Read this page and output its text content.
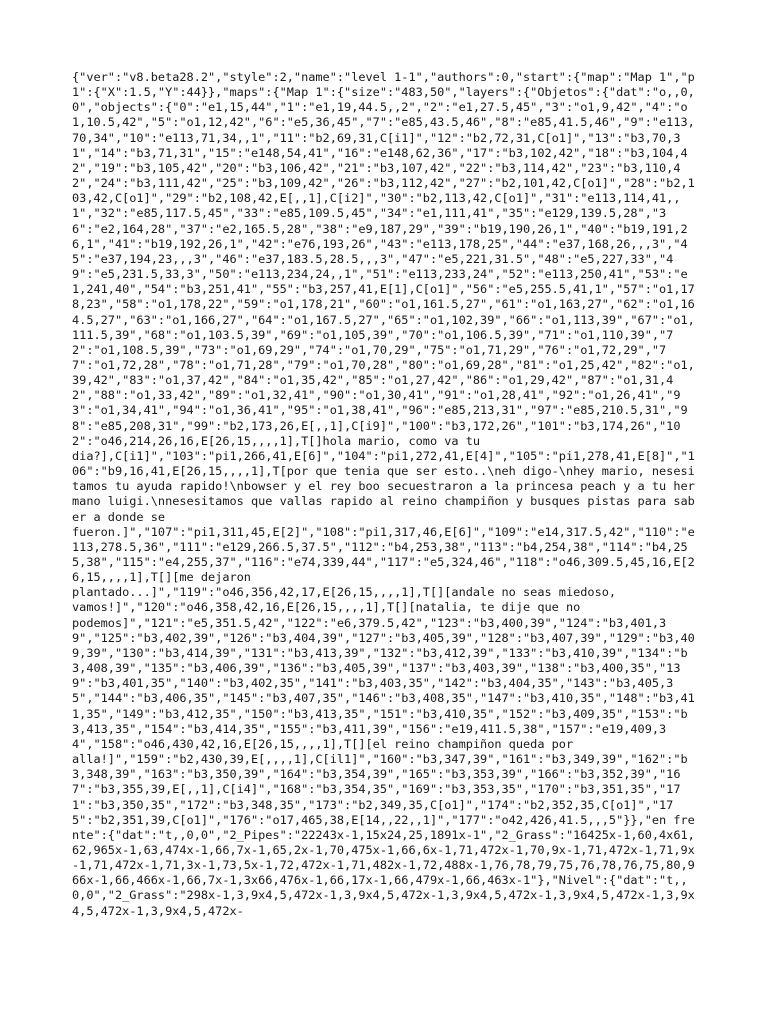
{"ver":"v8.beta28.2","style":2,"name":"level 1-1","authors":0,"start":{"map":"Map 1","p1":{"X":1.5,"Y":44}},"maps":{"Map 1":{"size":"483,50","layers":{"Objetos":{"dat":"o,,0,0","objects":{"0":"e1,15,44","1":"e1,19,44.5,,2","2":"e1,27.5,45","3":"o1,9,42","4":"o1,10.5,42","5":"o1,12,42","6":"e5,36,45","7":"e85,43.5,46","8":"e85,41.5,46","9":"e113,70,34","10":"e113,71,34,,1","11":"b2,69,31,C[i1]","12":"b2,72,31,C[o1]","13":"b3,70,31","14":"b3,71,31","15":"e148,54,41","16":"e148,62,36","17":"b3,102,42","18":"b3,104,42","19":"b3,105,42","20":"b3,106,42","21":"b3,107,42","22":"b3,114,42","23":"b3,110,42","24":"b3,111,42","25":"b3,109,42","26":"b3,112,42","27":"b2,101,42,C[o1]","28":"b2,103,42,C[o1]","29":"b2,108,42,E[,,1],C[i2]","30":"b2,113,42,C[o1]","31":"e113,114,41,,1","32":"e85,117.5,45","33":"e85,109.5,45","34":"e1,111,41","35":"e129,139.5,28","36":"e2,164,28","37":"e2,165.5,28","38":"e9,187,29","39":"b19,190,26,1","40":"b19,191,26,1","41":"b19,192,26,1","42":"e76,193,26","43":"e113,178,25","44":"e37,168,26,,,3","45":"e37,194,23,,,3","46":"e37,183.5,28.5,,,3","47":"e5,221,31.5","48":"e5,227,33","49":"e5,231.5,33,3","50":"e113,234,24,,1","51":"e113,233,24","52":"e113,250,41","53":"e1,241,40","54":"b3,251,41","55":"b3,257,41,E[1],C[o1]","56":"e5,255.5,41,1","57":"o1,178,23","58":"o1,178,22","59":"o1,178,21","60":"o1,161.5,27","61":"o1,163,27","62":"o1,164.5,27","63":"o1,166,27","64":"o1,167.5,27","65":"o1,102,39","66":"o1,113,39","67":"o1,111.5,39","68":"o1,103.5,39","69":"o1,105,39","70":"o1,106.5,39","71":"o1,110,39","72":"o1,108.5,39","73":"o1,69,29","74":"o1,70,29","75":"o1,71,29","76":"o1,72,29","77":"o1,72,28","78":"o1,71,28","79":"o1,70,28","80":"o1,69,28","81":"o1,25,42","82":"o1,39,42","83":"o1,37,42","84":"o1,35,42","85":"o1,27,42","86":"o1,29,42","87":"o1,31,42","88":"o1,33,42","89":"o1,32,41","90":"o1,30,41","91":"o1,28,41","92":"o1,26,41","93":"o1,34,41","94":"o1,36,41","95":"o1,38,41","96":"e85,213,31","97":"e85,210.5,31","98":"e85,208,31","99":"b2,173,26,E[,,1],C[i9]","100":"b3,172,26","101":"b3,174,26","102":"o46,214,26,16,E[26,15,,,,1],T[]hola mario, como va tu
dia?],C[i1]","103":"pi1,266,41,E[6]","104":"pi1,272,41,E[4]","105":"pi1,278,41,E[8]","106":"b9,16,41,E[26,15,,,,1],T[por que tenia que ser esto..\neh digo-\nhey mario, nesesitamos tu ayuda rapido!\nbowser y el rey boo secuestraron a la princesa peach y a tu hermano luigi.\nnesesitamos que vallas rapido al reino champiñon y busques pistas para saber a donde se
fueron.]","107":"pi1,311,45,E[2]","108":"pi1,317,46,E[6]","109":"e14,317.5,42","110":"e113,278.5,36","111":"e129,266.5,37.5","112":"b4,253,38","113":"b4,254,38","114":"b4,255,38","115":"e4,255,37","116":"e74,339,44","117":"e5,324,46","118":"o46,309.5,45,16,E[26,15,,,,1],T[][me dejaron
plantado...]","119":"o46,356,42,17,E[26,15,,,,1],T[][andale no seas miedoso,
vamos!]","120":"o46,358,42,16,E[26,15,,,,1],T[][natalia, te dije que no
podemos]","121":"e5,351.5,42","122":"e6,379.5,42","123":"b3,400,39","124":"b3,401,39","125":"b3,402,39","126":"b3,404,39","127":"b3,405,39","128":"b3,407,39","129":"b3,409,39","130":"b3,414,39","131":"b3,413,39","132":"b3,412,39","133":"b3,410,39","134":"b3,408,39","135":"b3,406,39","136":"b3,405,39","137":"b3,403,39","138":"b3,400,35","139":"b3,401,35","140":"b3,402,35","141":"b3,403,35","142":"b3,404,35","143":"b3,405,35","144":"b3,406,35","145":"b3,407,35","146":"b3,408,35","147":"b3,410,35","148":"b3,411,35","149":"b3,412,35","150":"b3,413,35","151":"b3,410,35","152":"b3,409,35","153":"b3,413,35","154":"b3,414,35","155":"b3,411,39","156":"e19,411.5,38","157":"e19,409,34","158":"o46,430,42,16,E[26,15,,,,1],T[][el reino champiñon queda por
alla!]","159":"b2,430,39,E[,,,,1],C[il1]","160":"b3,347,39","161":"b3,349,39","162":"b3,348,39","163":"b3,350,39","164":"b3,354,39","165":"b3,353,39","166":"b3,352,39","167":"b3,355,39,E[,,1],C[i4]","168":"b3,354,35","169":"b3,353,35","170":"b3,351,35","171":"b3,350,35","172":"b3,348,35","173":"b2,349,35,C[o1]","174":"b2,352,35,C[o1]","175":"b2,351,39,C[o1]","176":"o17,465,38,E[14,,22,,1]","177":"o42,426,41.5,,,5"}},"en frente":{"dat":"t,,0,0","2_Pipes":"22243x-1,15x24,25,1891x-1","2_Grass":"16425x-1,60,4x61,62,965x-1,63,474x-1,66,7x-1,65,2x-1,70,475x-1,66,6x-1,71,472x-1,70,9x-1,71,472x-1,71,9x-1,71,472x-1,71,3x-1,73,5x-1,72,472x-1,71,482x-1,72,488x-1,76,78,79,75,76,78,76,75,80,966x-1,66,466x-1,66,7x-1,3x66,476x-1,66,17x-1,66,479x-1,66,463x-1"},"Nivel":{"dat":"t,,0,0","2_Grass":"298x-1,3,9x4,5,472x-1,3,9x4,5,472x-1,3,9x4,5,472x-1,3,9x4,5,472x-1,3,9x4,5,472x-1,3,9x4,5,472x-
